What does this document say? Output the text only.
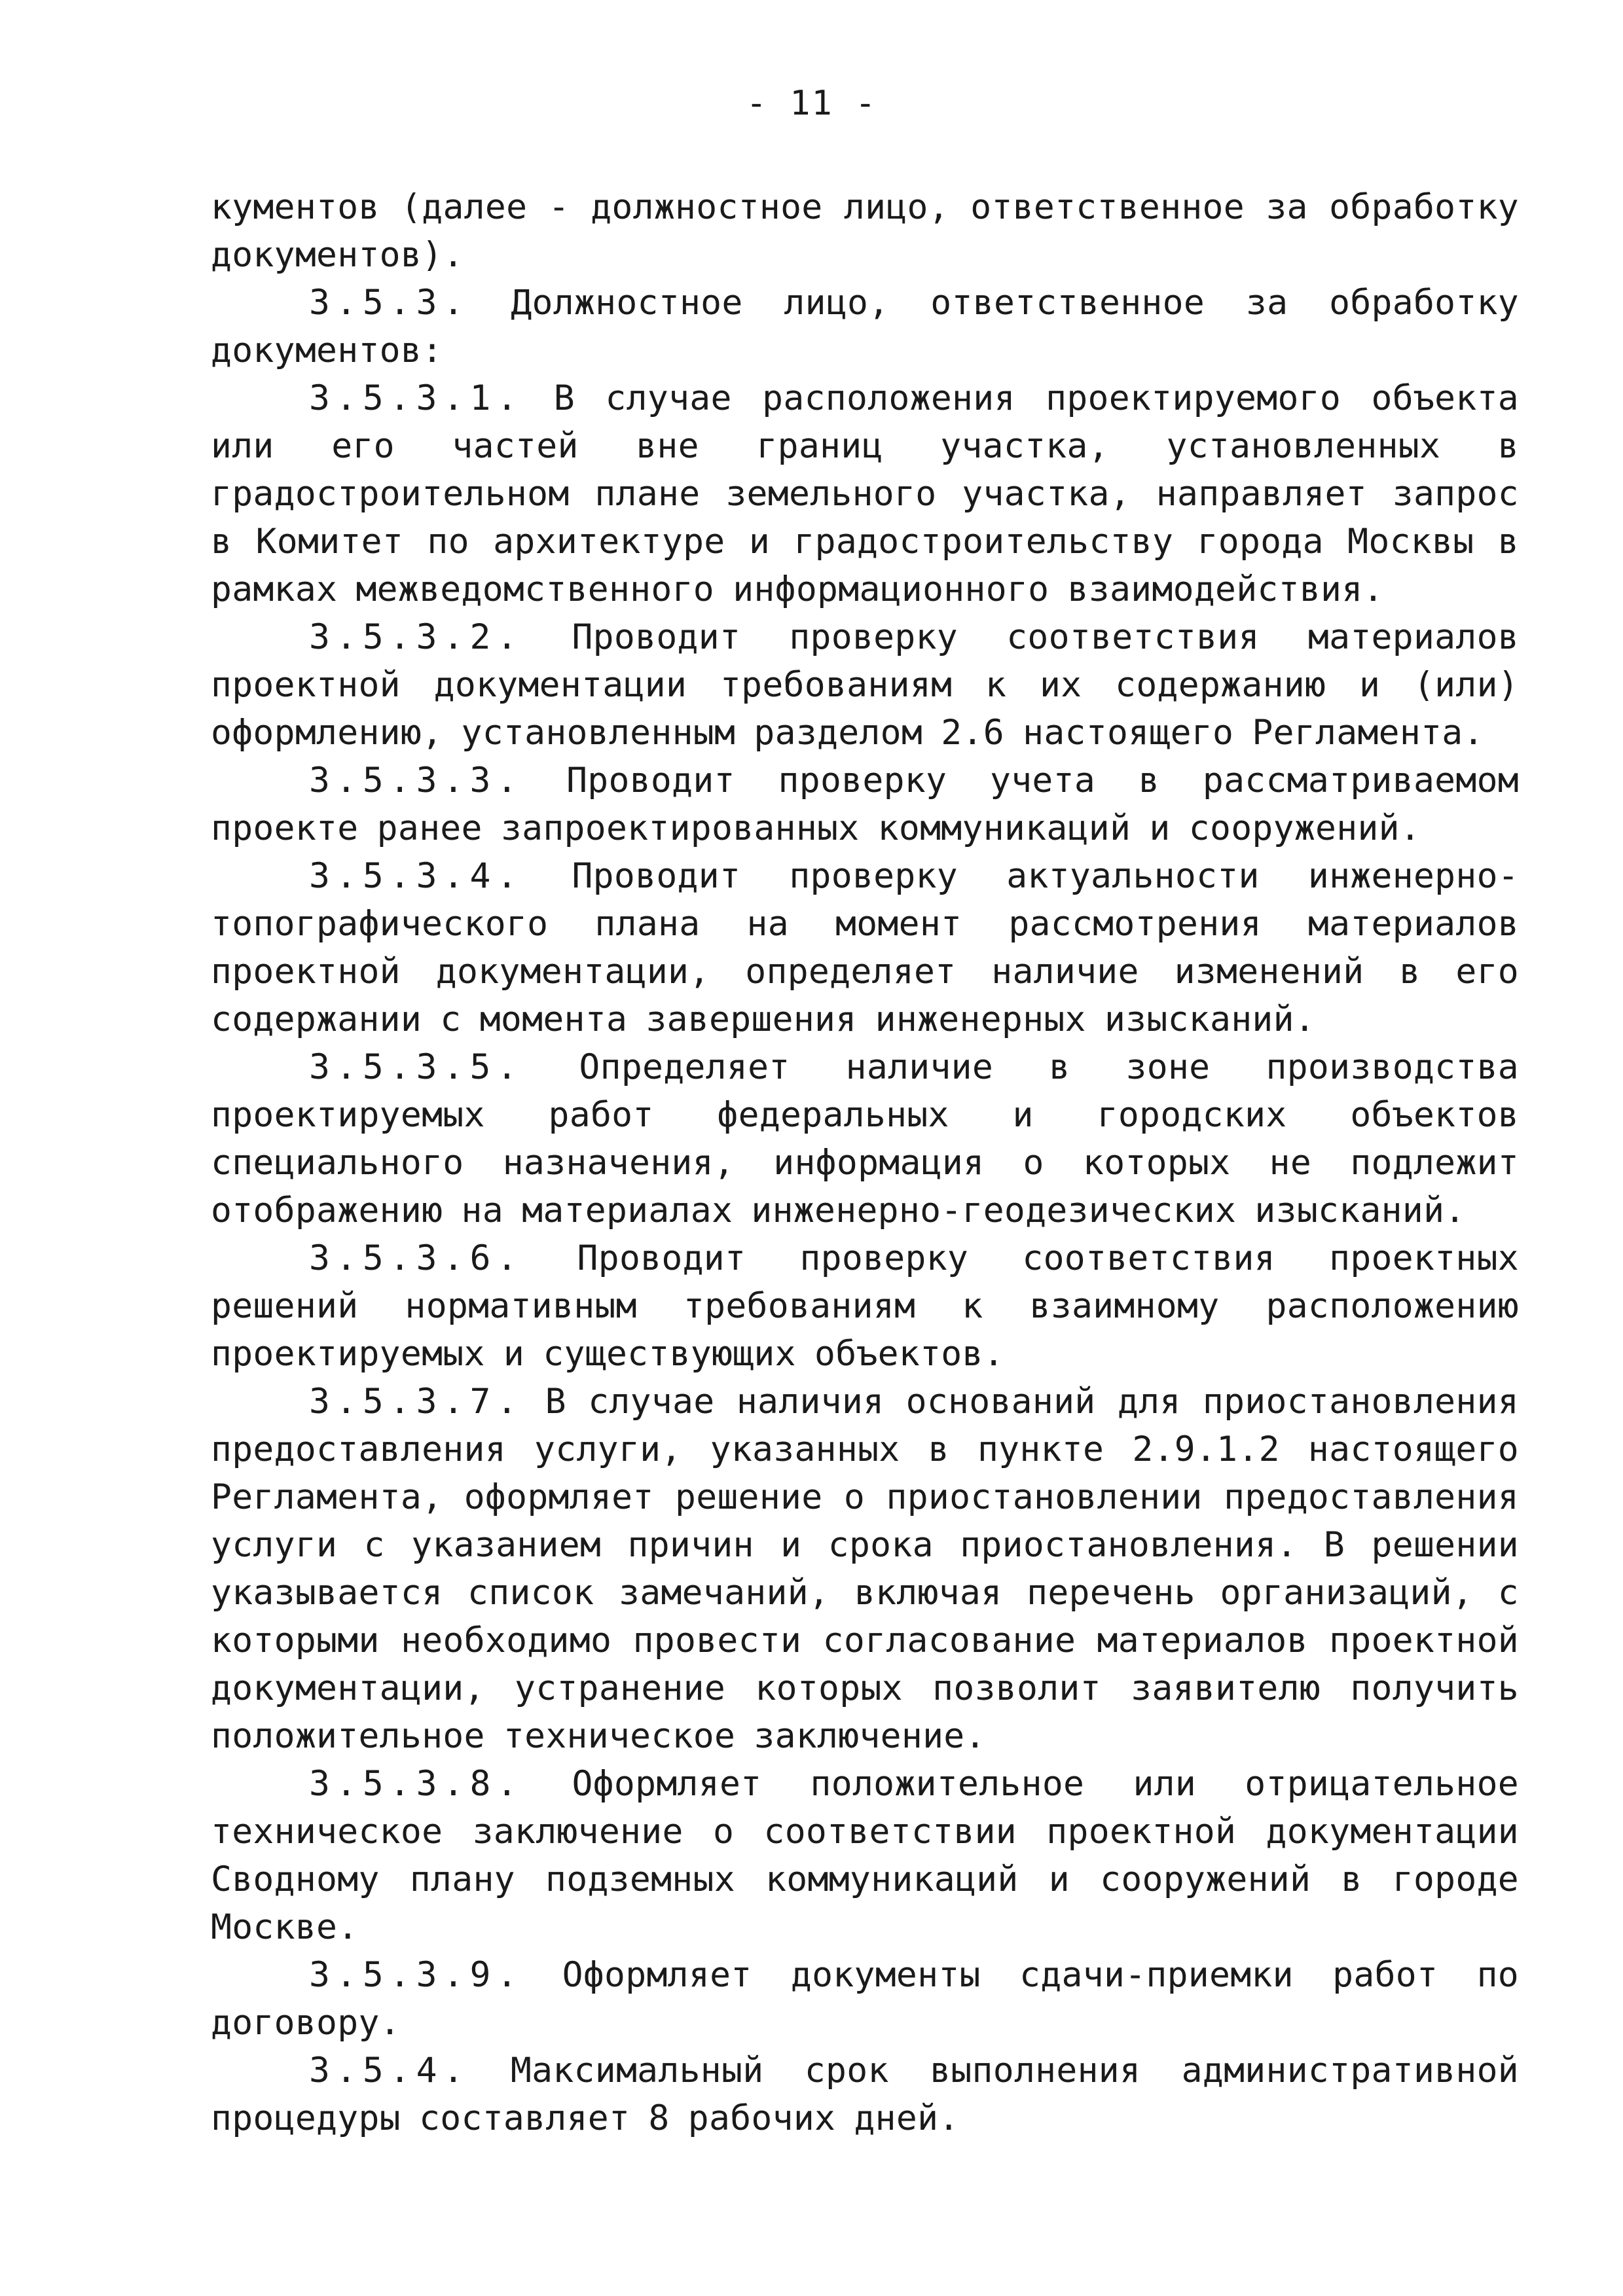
- 11 -

кументов (далее - должностное лицо, ответственное за обработку документов).

3.5.3. Должностное лицо, ответственное за обработку документов:

3.5.3.1. В случае расположения проектируемого объекта или его частей вне границ участка, установленных в градостроительном плане земельного участка, направляет запрос в Комитет по архитектуре и градостроительству города Москвы в рамках межведомственного информационного взаимодействия.

3.5.3.2. Проводит проверку соответствия материалов проектной документации требованиям к их содержанию и (или) оформлению, установленным разделом 2.6 настоящего Регламента.

3.5.3.3. Проводит проверку учета в рассматриваемом проекте ранее запроектированных коммуникаций и сооружений.

3.5.3.4. Проводит проверку актуальности инженерно-топографического плана на момент рассмотрения материалов проектной документации, определяет наличие изменений в его содержании с момента завершения инженерных изысканий.

3.5.3.5. Определяет наличие в зоне производства проектируемых работ федеральных и городских объектов специального назначения, информация о которых не подлежит отображению на материалах инженерно-геодезических изысканий.

3.5.3.6. Проводит проверку соответствия проектных решений нормативным требованиям к взаимному расположению проектируемых и существующих объектов.

3.5.3.7. В случае наличия оснований для приостановления предоставления услуги, указанных в пункте 2.9.1.2 настоящего Регламента, оформляет решение о приостановлении предоставления услуги с указанием причин и срока приостановления. В решении указывается список замечаний, включая перечень организаций, с которыми необходимо провести согласование материалов проектной документации, устранение которых позволит заявителю получить положительное техническое заключение.

3.5.3.8. Оформляет положительное или отрицательное техническое заключение о соответствии проектной документации Сводному плану подземных коммуникаций и сооружений в городе Москве.

3.5.3.9. Оформляет документы сдачи-приемки работ по договору.

3.5.4. Максимальный срок выполнения административной процедуры составляет 8 рабочих дней.
